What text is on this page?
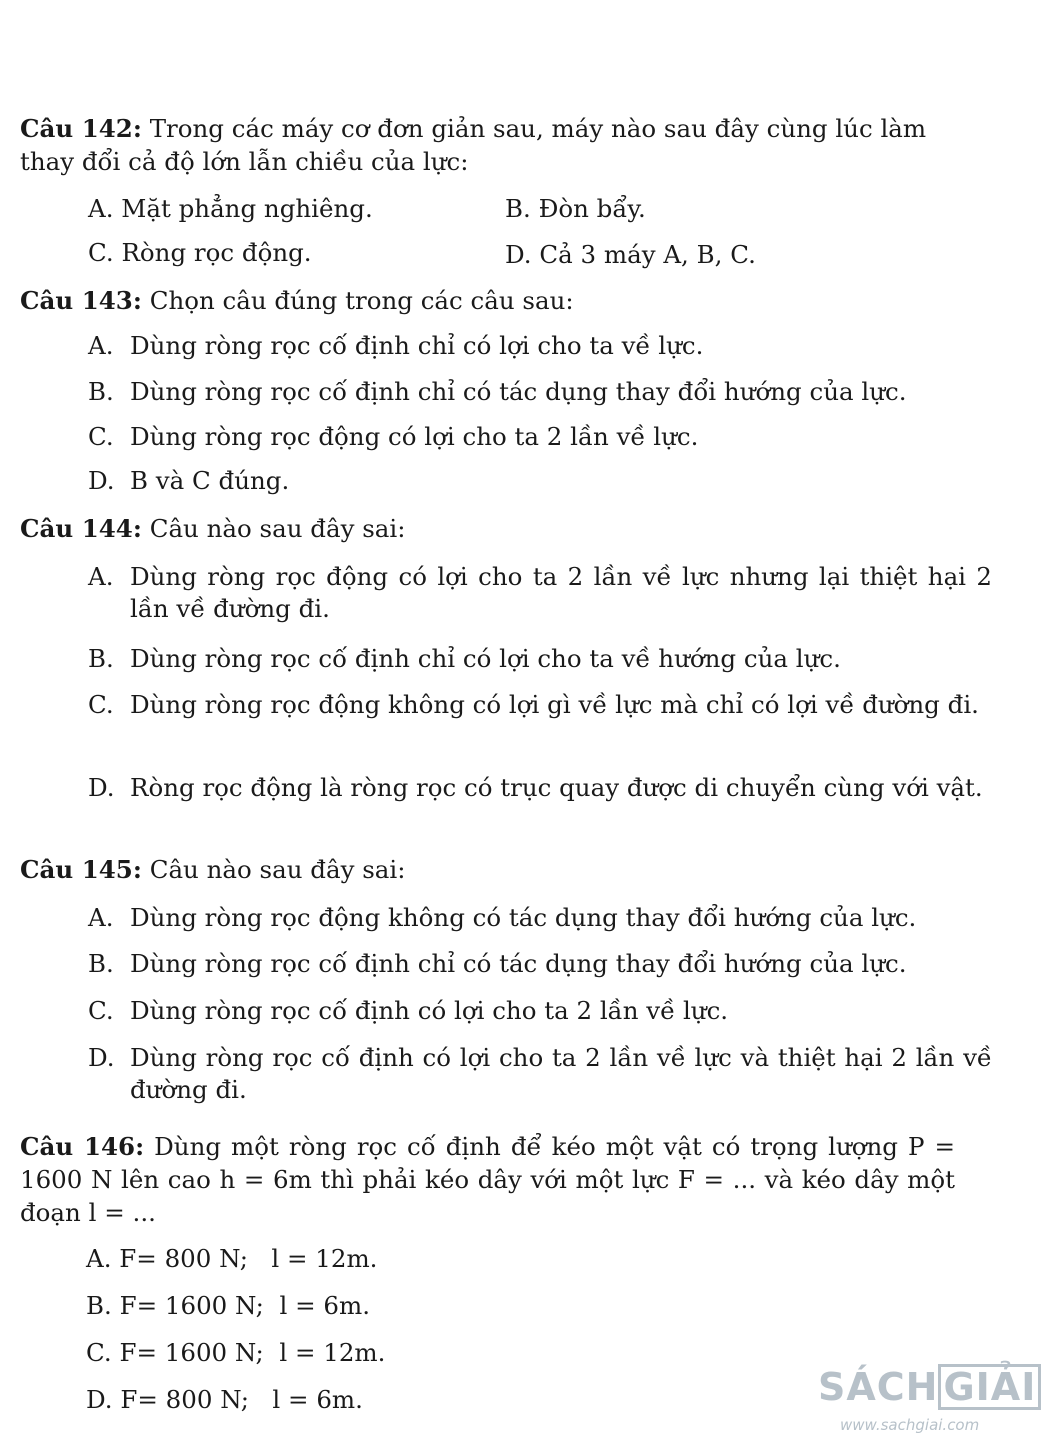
Câu 142: Trong các máy cơ đơn giản sau, máy nào sau đây cùng lúc làm thay đổi cả độ lớn lẫn chiều của lực:
A. Mặt phẳng nghiêng.	B. Đòn bẩy.
C. Ròng rọc động.	D. Cả 3 máy A, B, C.
Câu 143: Chọn câu đúng trong các câu sau:
A. Dùng ròng rọc cố định chỉ có lợi cho ta về lực.
B. Dùng ròng rọc cố định chỉ có tác dụng thay đổi hướng của lực.
C. Dùng ròng rọc động có lợi cho ta 2 lần về lực.
D. B và C đúng.
Câu 144: Câu nào sau đây sai:
A. Dùng ròng rọc động có lợi cho ta 2 lần về lực nhưng lại thiệt hại 2 lần về đường đi.
B. Dùng ròng rọc cố định chỉ có lợi cho ta về hướng của lực.
C. Dùng ròng rọc động không có lợi gì về lực mà chỉ có lợi về đường đi.
D. Ròng rọc động là ròng rọc có trục quay được di chuyển cùng với vật.
Câu 145: Câu nào sau đây sai:
A. Dùng ròng rọc động không có tác dụng thay đổi hướng của lực.
B. Dùng ròng rọc cố định chỉ có tác dụng thay đổi hướng của lực.
C. Dùng ròng rọc cố định có lợi cho ta 2 lần về lực.
D. Dùng ròng rọc cố định có lợi cho ta 2 lần về lực và thiệt hại 2 lần về đường đi.
Câu 146: Dùng một ròng rọc cố định để kéo một vật có trọng lượng P = 1600 N lên cao h = 6m thì phải kéo dây với một lực F = ... và kéo dây một đoạn l = ...
A. F= 800 N;   l = 12m.
B. F= 1600 N;  l = 6m.
C. F= 1600 N;  l = 12m.
D. F= 800 N;   l = 6m.	SÁCH GIẢI
www.sachgiai.com
